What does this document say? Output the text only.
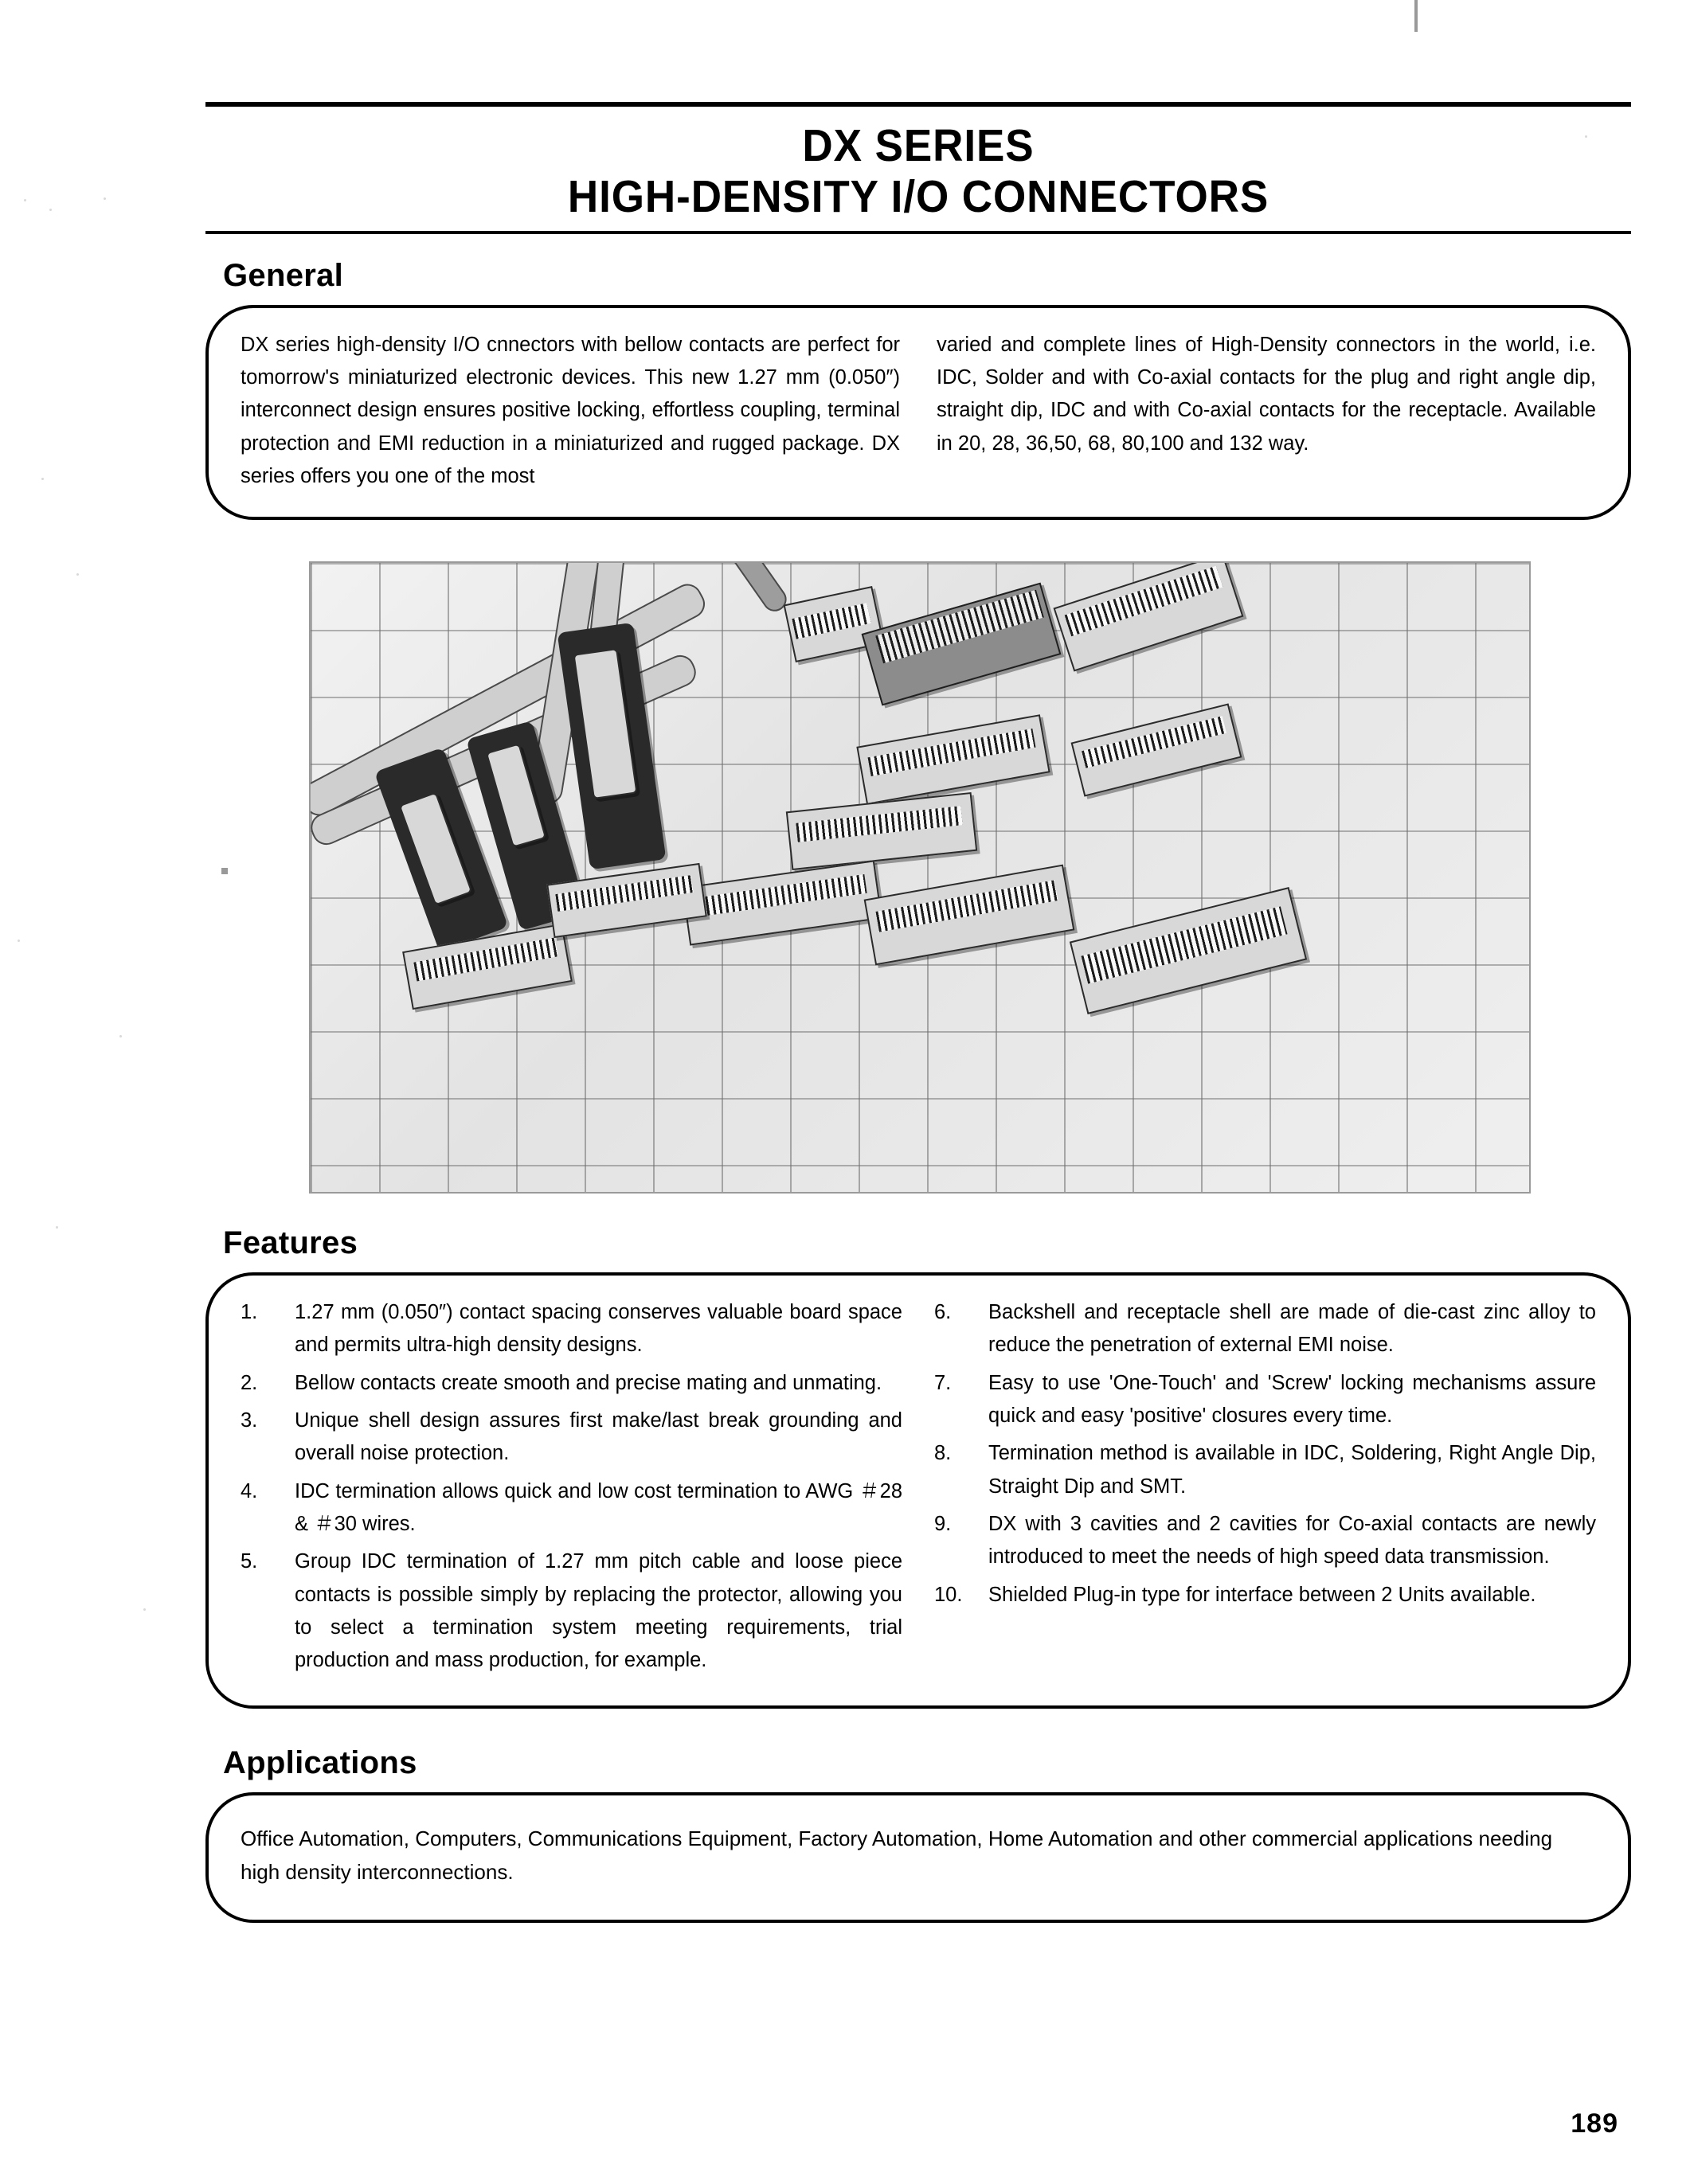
DX SERIES
HIGH-DENSITY I/O CONNECTORS
General

DX series high-density I/O cnnectors with bellow contacts are perfect for tomorrow's miniaturized electronic devices. This new 1.27 mm (0.050″) interconnect design ensures positive locking, effortless coupling, terminal protection and EMI reduction in a miniaturized and rugged package. DX series offers you one of the most

varied and complete lines of High-Density connectors in the world, i.e. IDC, Solder and with Co-axial contacts for the plug and right angle dip, straight dip, IDC and with Co-axial contacts for the receptacle. Available in 20, 28, 36,50, 68, 80,100 and 132 way.

Features
1.	1.27 mm (0.050″) contact spacing conserves valuable board space and permits ultra-high density designs.
2.	Bellow contacts create smooth and precise mating and unmating.
3.	Unique shell design assures first make/last break grounding and overall noise protection.
4.	IDC termination allows quick and low cost termination to AWG ＃28 & ＃30 wires.
5.	Group IDC termination of 1.27 mm pitch cable and loose piece contacts is possible simply by replacing the protector, allowing you to select a termination system meeting requirements, trial production and mass production, for example.
6.	Backshell and receptacle shell are made of die-cast zinc alloy to reduce the penetration of external EMI noise.
7.	Easy to use 'One-Touch' and 'Screw' locking mechanisms assure quick and easy 'positive' closures every time.
8.	Termination method is available in IDC, Soldering, Right Angle Dip, Straight Dip and SMT.
9.	DX with 3 cavities and 2 cavities for Co-axial contacts are newly introduced to meet the needs of high speed data transmission.
10.	Shielded Plug-in type for interface between 2 Units available.
Applications

Office Automation, Computers, Communications Equipment, Factory Automation, Home Automation and other commercial applications needing high density interconnections.

189
